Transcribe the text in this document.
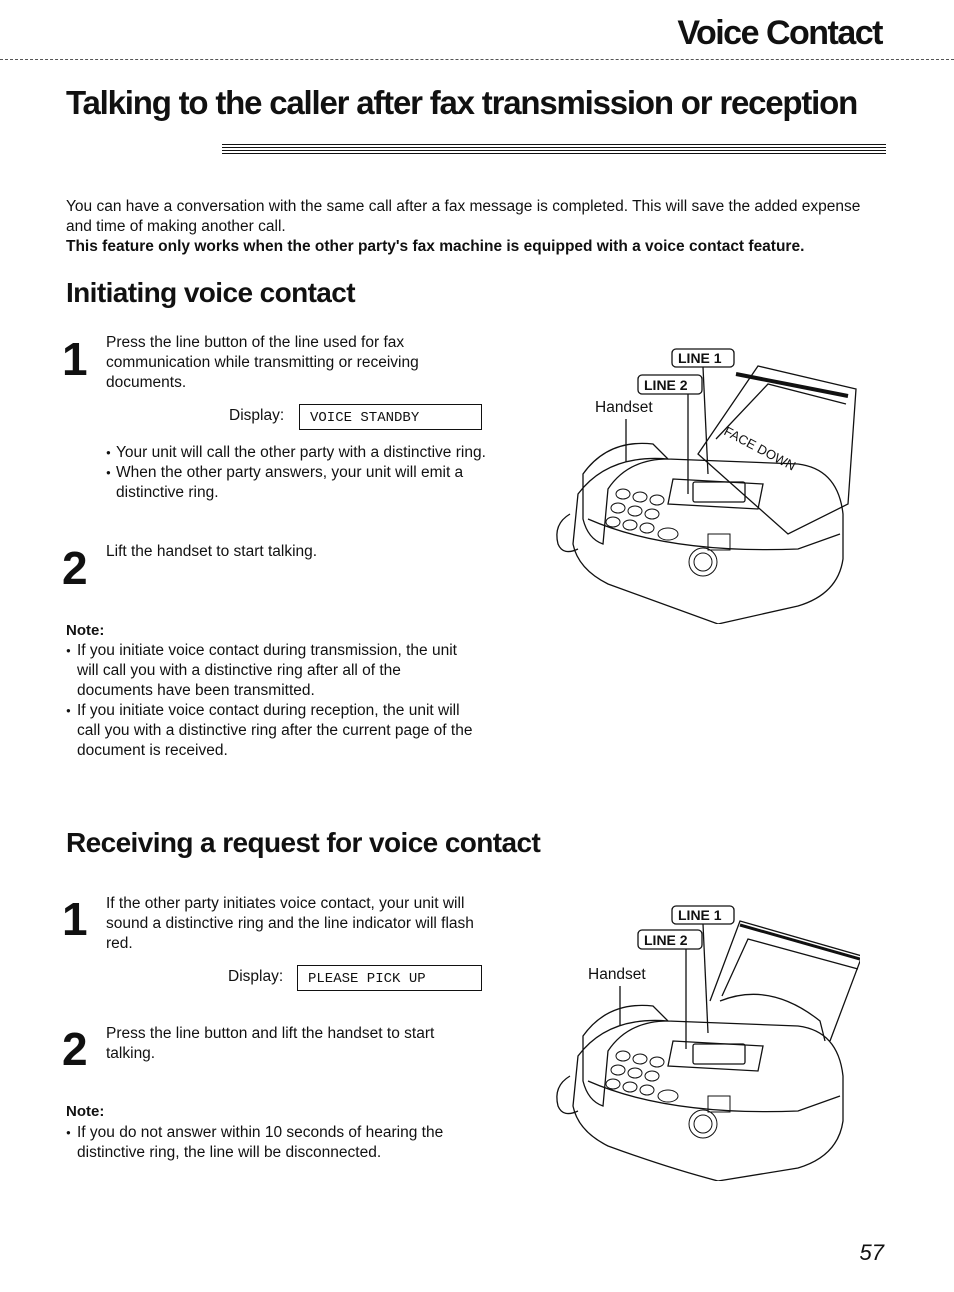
Voice Contact
Talking to the caller after fax transmission or reception
You can have a conversation with the same call after a fax message is completed. This will save the added expense and time of making another call.
This feature only works when the other party's fax machine is equipped with a voice contact feature.
Initiating voice contact
1 Press the line button of the line used for fax communication while transmitting or receiving documents.
Display:	VOICE STANDBY
● Your unit will call the other party with a distinctive ring.
● When the other party answers, your unit will emit a distinctive ring.
2 Lift the handset to start talking.
Note:
● If you initiate voice contact during transmission, the unit will call you with a distinctive ring after all of the documents have been transmitted.
● If you initiate voice contact during reception, the unit will call you with a distinctive ring after the current page of the document is received.
LINE 1
LINE 2
Handset
FACE DOWN
Receiving a request for voice contact
1 If the other party initiates voice contact, your unit will sound a distinctive ring and the line indicator will flash red.
Display:	PLEASE PICK UP
2 Press the line button and lift the handset to start talking.
Note:
● If you do not answer within 10 seconds of hearing the distinctive ring, the line will be disconnected.
LINE 1
LINE 2
Handset
57
